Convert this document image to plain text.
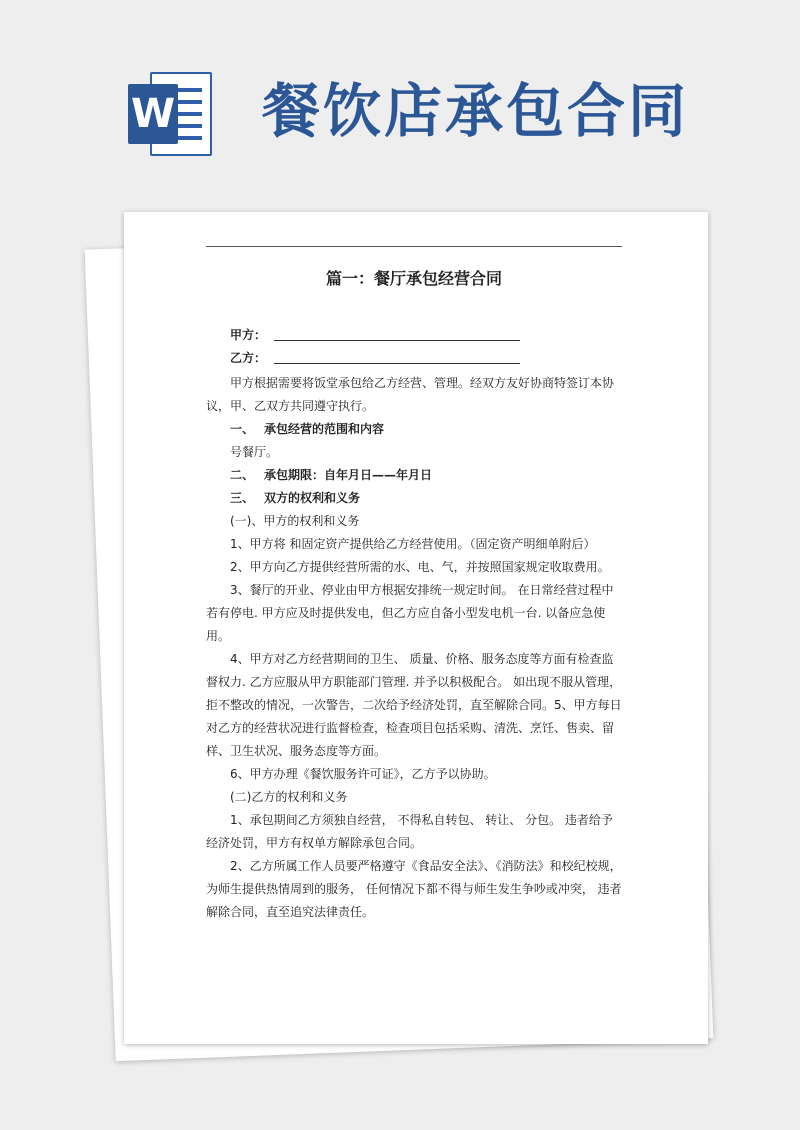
W 餐饮店承包合同
篇一：餐厅承包经营合同
甲方：
乙方：

甲方根据需要将饭堂承包给乙方经营、管理。经双方友好协商特签订本协议，甲、乙双方共同遵守执行。

一、 承包经营的范围和内容

号餐厅。

二、 承包期限：自年月日——年月日

三、 双方的权利和义务

(一)、甲方的权利和义务

1、甲方将 和固定资产提供给乙方经营使用。（固定资产明细单附后）

2、甲方向乙方提供经营所需的水、电、气，并按照国家规定收取费用。

3、餐厅的开业、停业由甲方根据安排统一规定时间。 在日常经营过程中若有停电. 甲方应及时提供发电，但乙方应自备小型发电机一台. 以备应急使用。

4、甲方对乙方经营期间的卫生、 质量、价格、服务态度等方面有检查监督权力. 乙方应服从甲方职能部门管理. 并予以积极配合。 如出现不服从管理， 拒不整改的情况，一次警告，二次给予经济处罚，直至解除合同。5、甲方每日对乙方的经营状况进行监督检查，检查项目包括采购、清洗、烹饪、售卖、留样、卫生状况、服务态度等方面。

6、甲方办理《餐饮服务许可证》，乙方予以协助。

(二)乙方的权利和义务

1、承包期间乙方须独自经营， 不得私自转包、 转让、 分包。 违者给予经济处罚，甲方有权单方解除承包合同。

2、乙方所属工作人员要严格遵守《食品安全法》、《消防法》和校纪校规，为师生提供热情周到的服务， 任何情况下都不得与师生发生争吵或冲突， 违者解除合同，直至追究法律责任。
